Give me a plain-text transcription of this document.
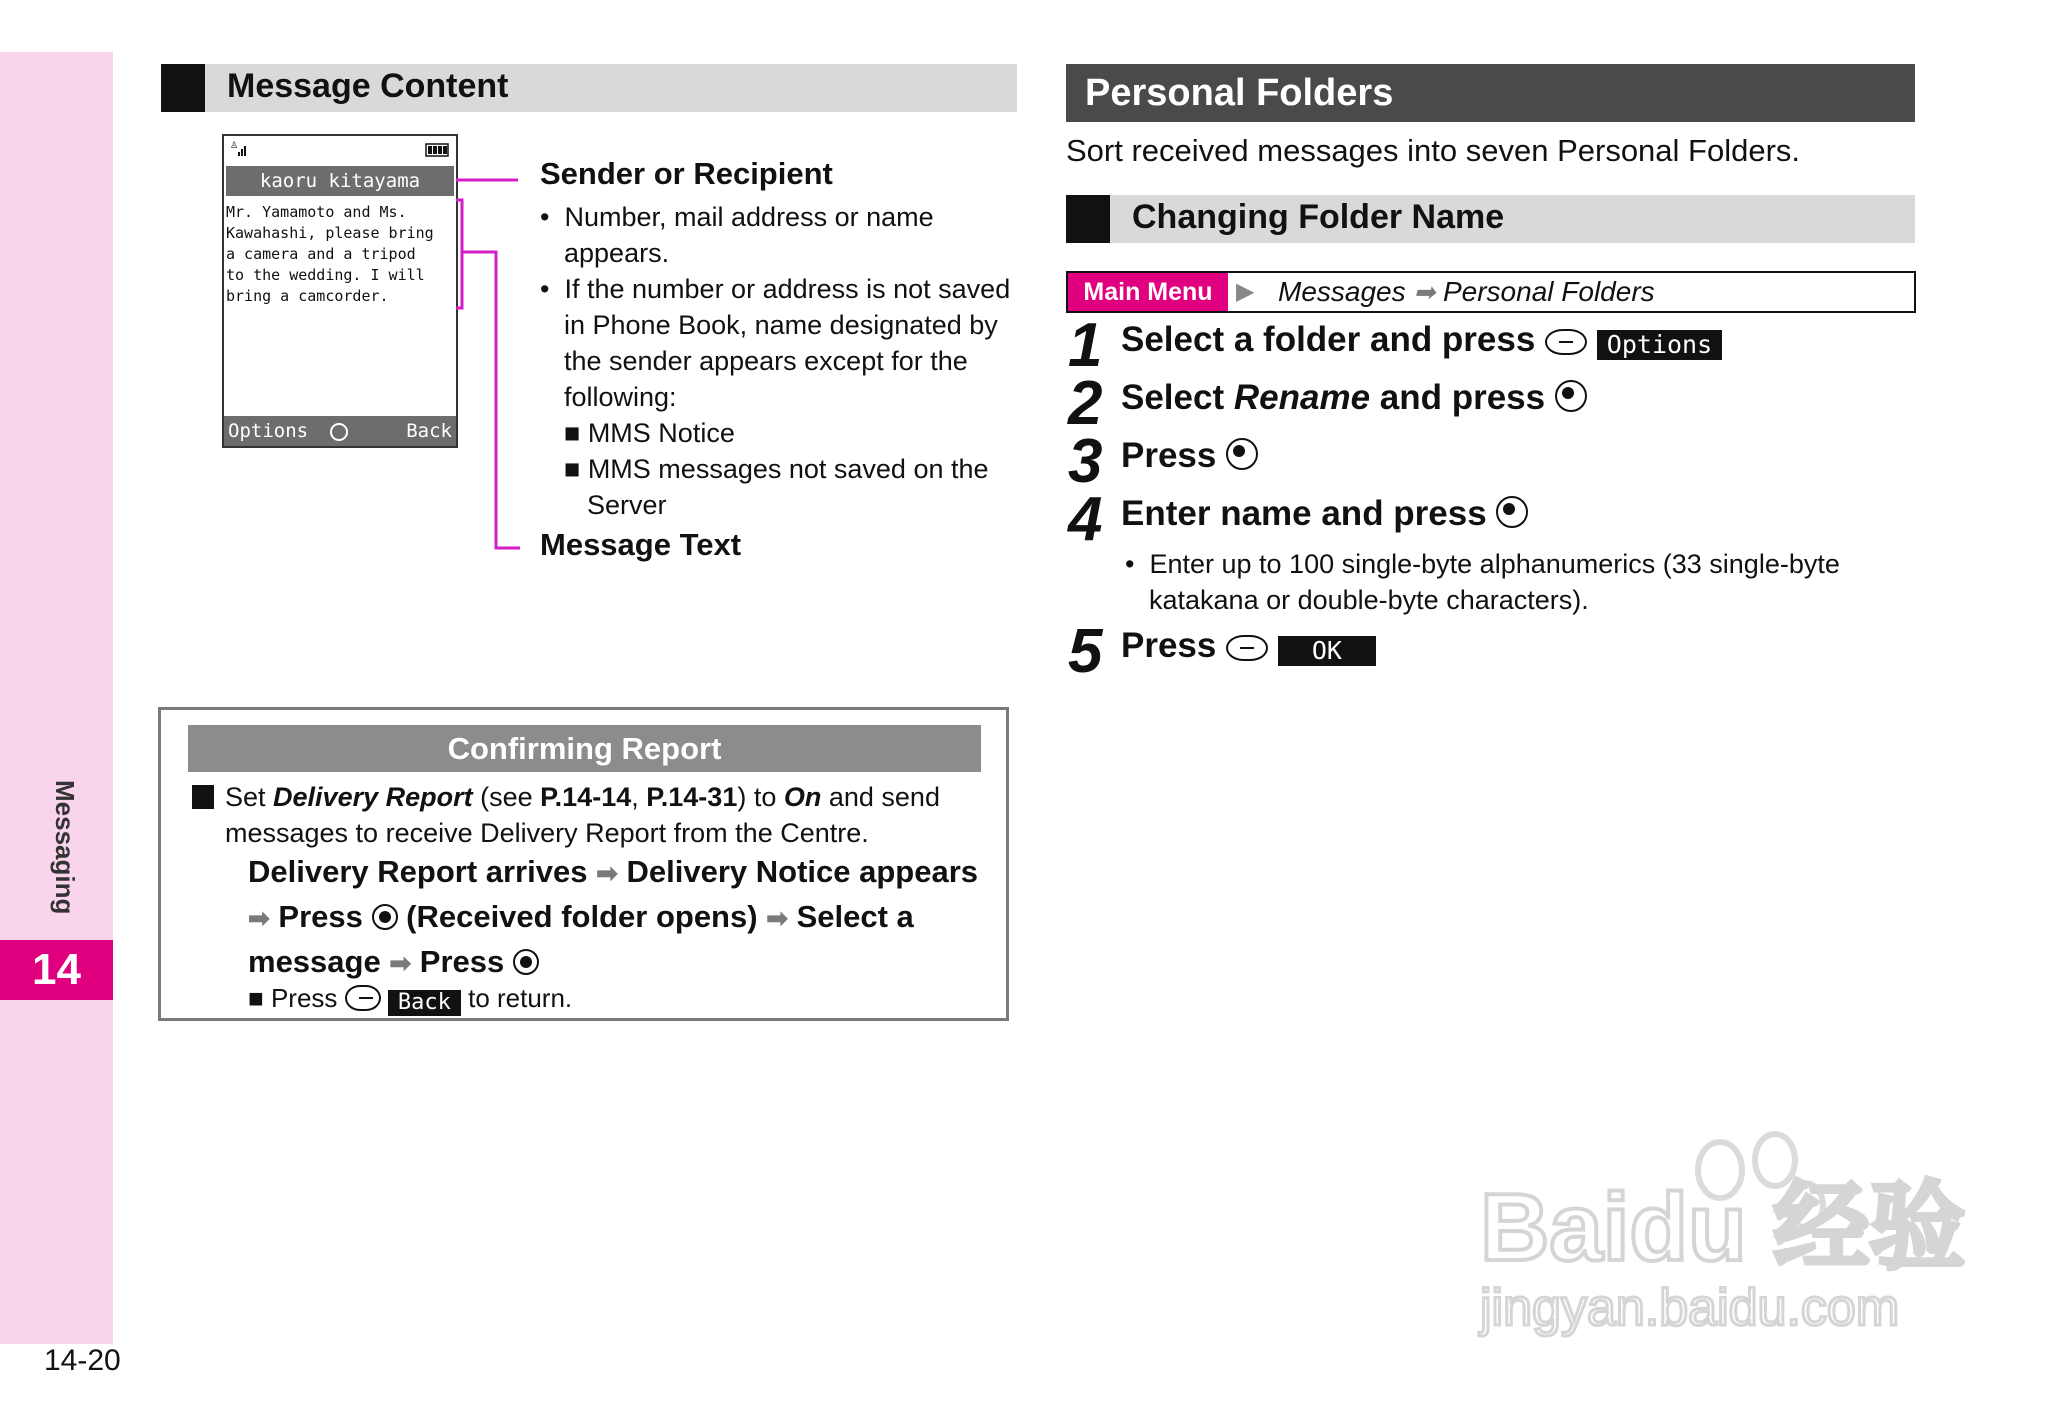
Messaging
14
14-20
Message Content
♙
kaoru kitayama
Mr. Yamamoto and Ms.
Kawahashi, please bring
a camera and a tripod
to the wedding. I will
bring a camcorder.
Options	Back
Sender or Recipient
•  Number, mail address or name appears.
•  If the number or address is not saved in Phone Book, name designated by the sender appears except for the following:
■ MMS Notice
■ MMS messages not saved on the Server
Message Text
Confirming Report
Set Delivery Report (see P.14-14, P.14-31) to On and send
messages to receive Delivery Report from the Centre.
Delivery Report arrives ➡ Delivery Notice appears
➡ Press (Received folder opens) ➡ Select a
message ➡ Press
■ Press	Back to return.
Personal Folders
Sort received messages into seven Personal Folders.
Changing Folder Name
Main Menu ▶ Messages ➡ Personal Folders
1 Select a folder and press	Options
2 Select Rename and press
3 Press
4 Enter name and press
•  Enter up to 100 single-byte alphanumerics (33 single-byte katakana or double-byte characters).
5 Press	OK
Baidu 经验
jingyan.baidu.com
